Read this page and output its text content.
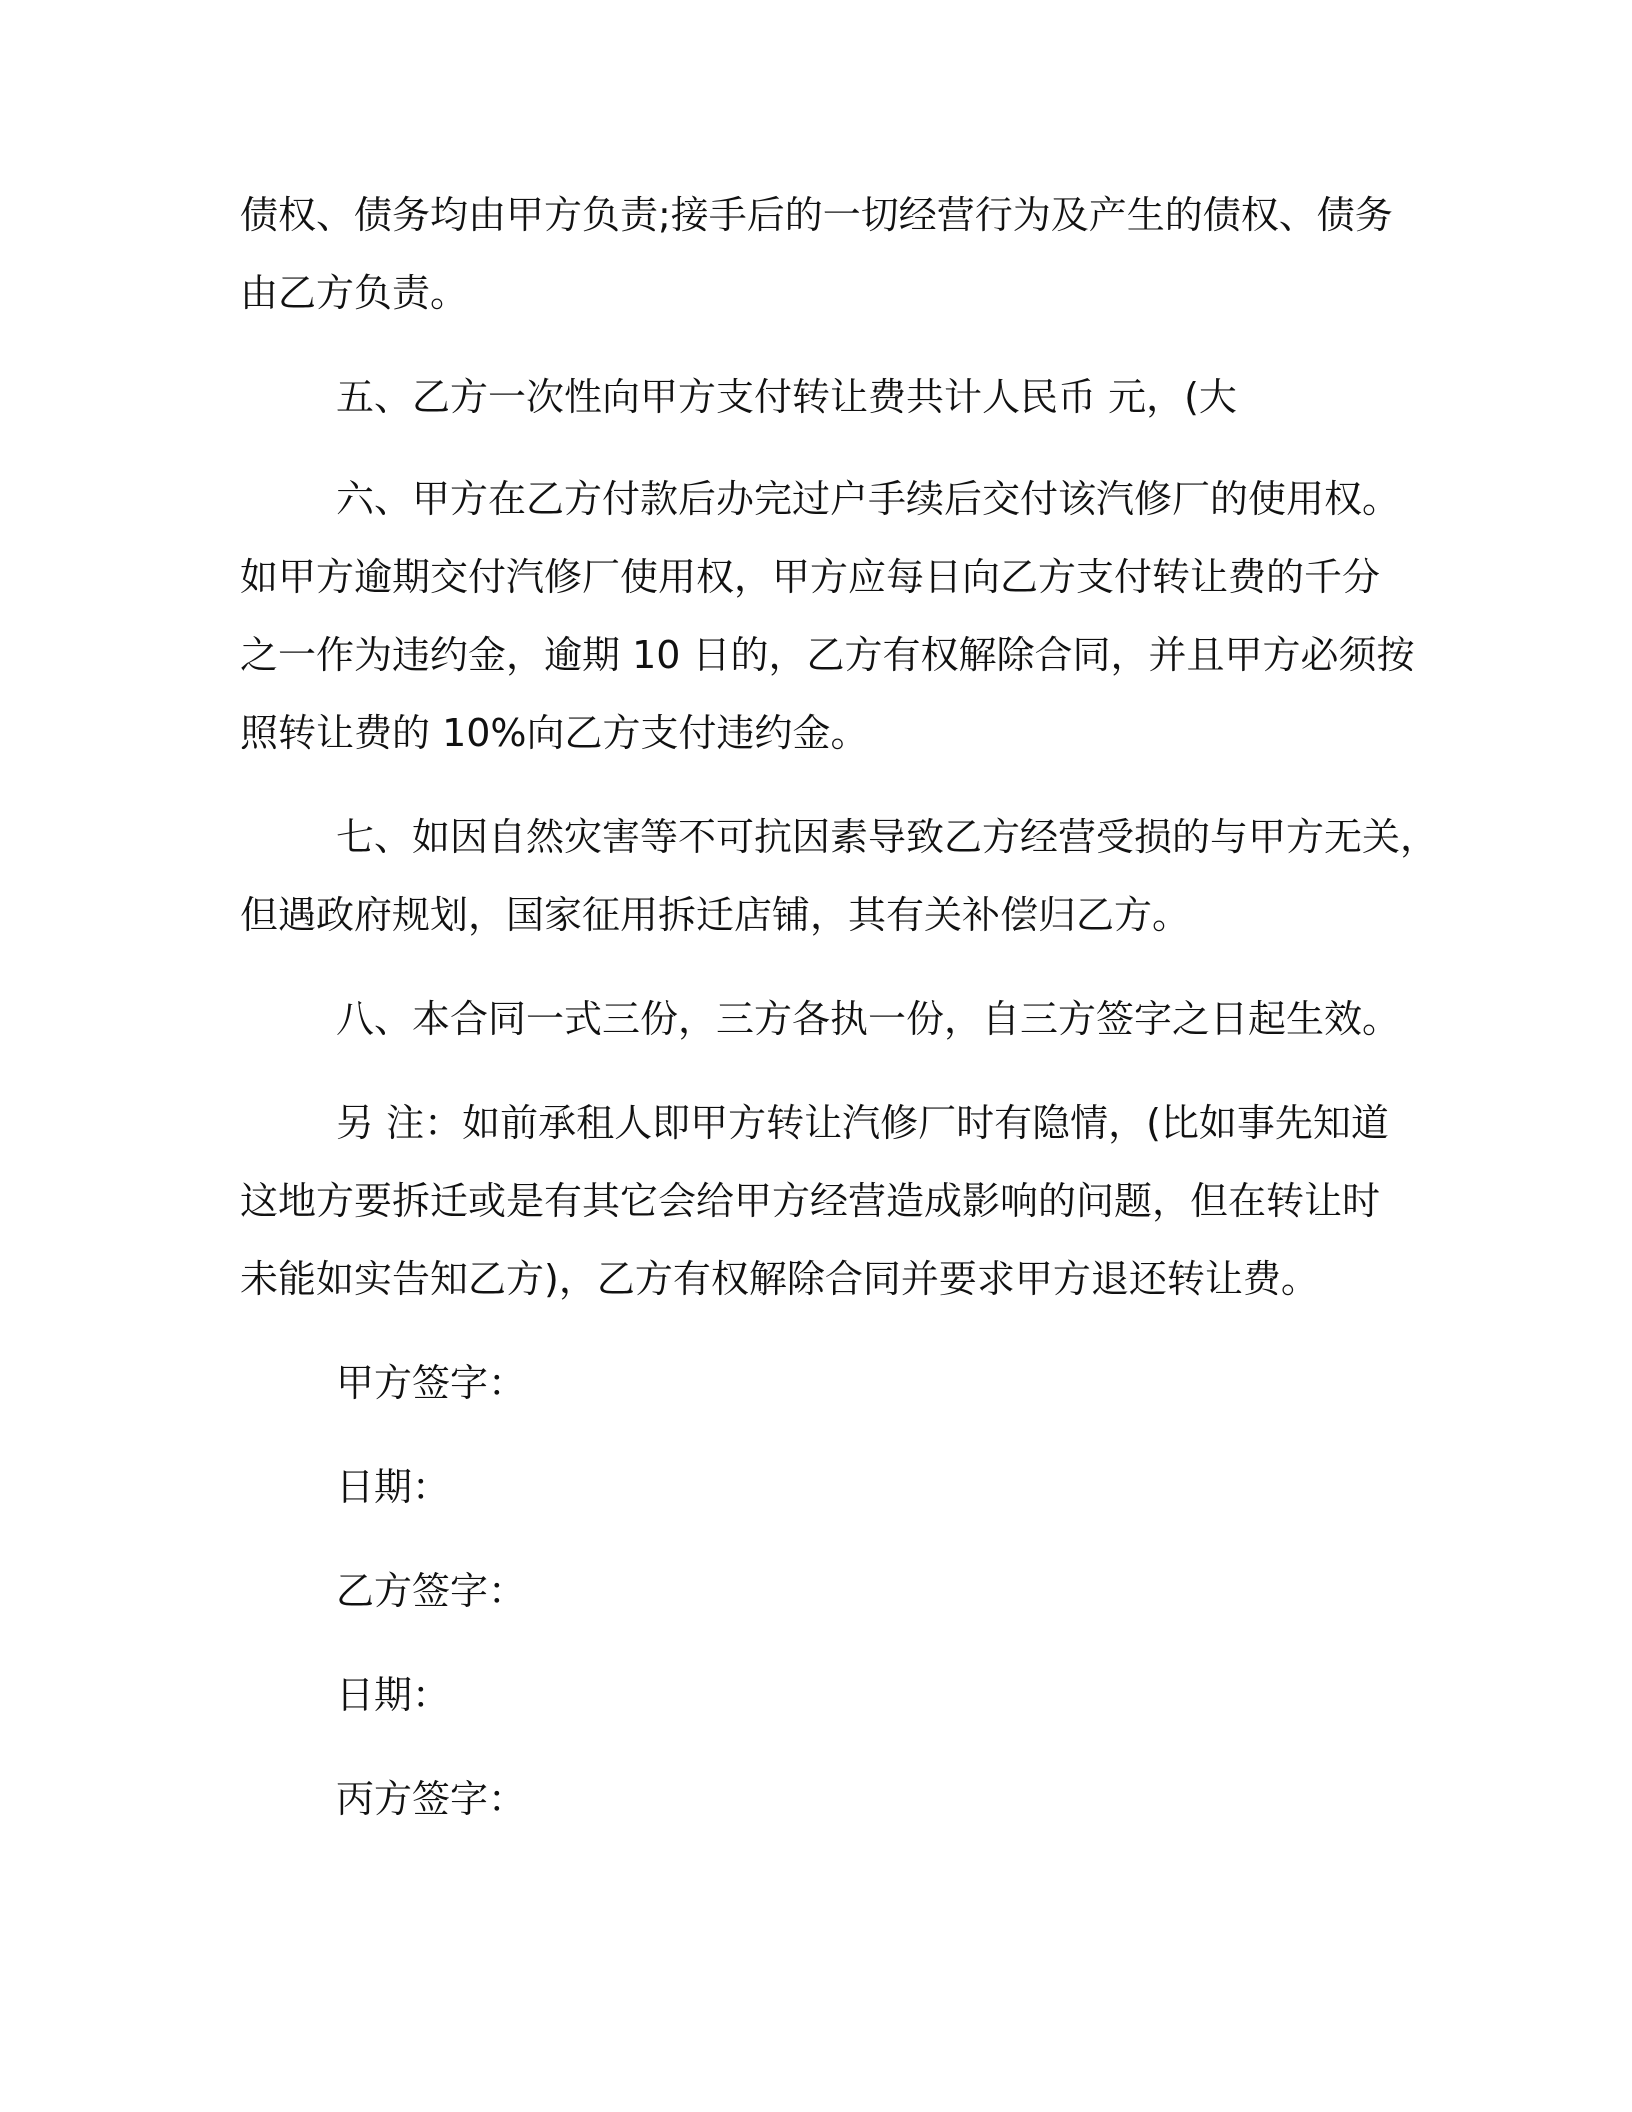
债权、债务均由甲方负责;接手后的一切经营行为及产生的债权、债务
由乙方负责。
五、乙方一次性向甲方支付转让费共计人民币 元，(大
六、甲方在乙方付款后办完过户手续后交付该汽修厂的使用权。
如甲方逾期交付汽修厂使用权，甲方应每日向乙方支付转让费的千分
之一作为违约金，逾期 10 日的，乙方有权解除合同，并且甲方必须按
照转让费的 10%向乙方支付违约金。
七、如因自然灾害等不可抗因素导致乙方经营受损的与甲方无关，
但遇政府规划，国家征用拆迁店铺，其有关补偿归乙方。
八、本合同一式三份，三方各执一份，自三方签字之日起生效。
另 注：如前承租人即甲方转让汽修厂时有隐情，(比如事先知道
这地方要拆迁或是有其它会给甲方经营造成影响的问题，但在转让时
未能如实告知乙方)，乙方有权解除合同并要求甲方退还转让费。
甲方签字：
日期：
乙方签字：
日期：
丙方签字：
